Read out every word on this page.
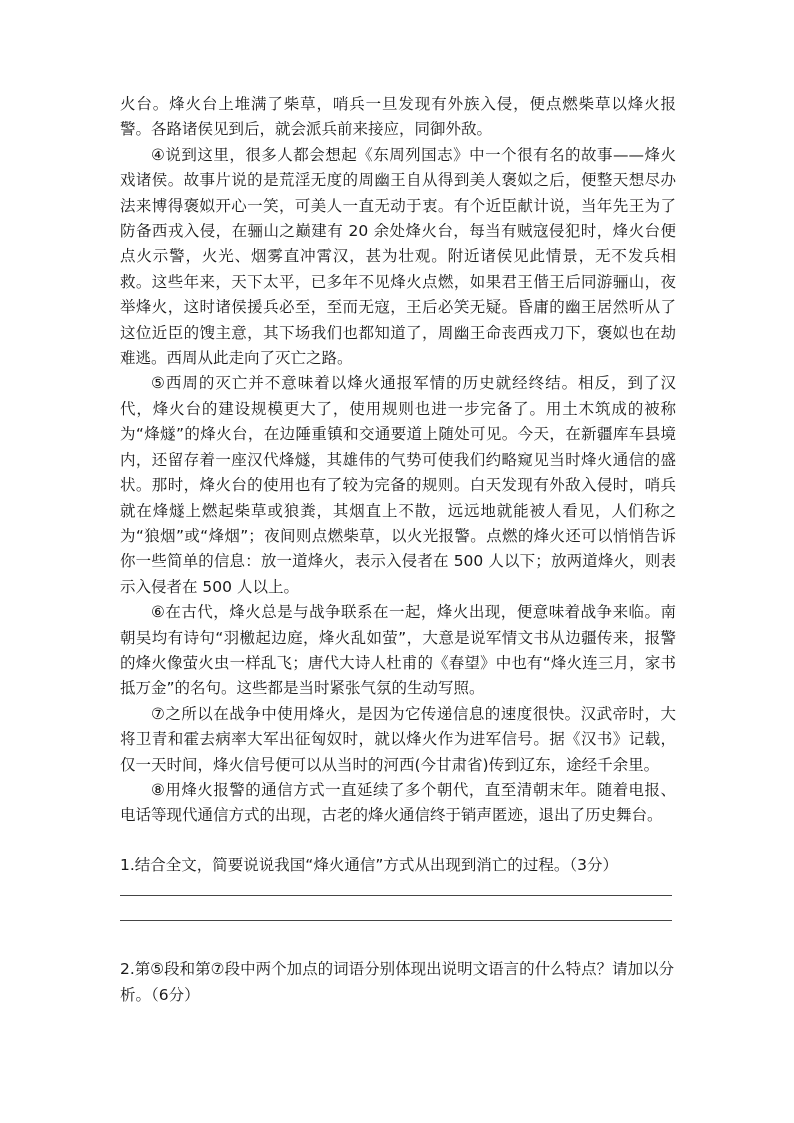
火台。烽火台上堆满了柴草，哨兵一旦发现有外族入侵，便点燃柴草以烽火报警。各路诸侯见到后，就会派兵前来接应，同御外敌。

④说到这里，很多人都会想起《东周列国志》中一个很有名的故事——烽火戏诸侯。故事片说的是荒淫无度的周幽王自从得到美人褒姒之后，便整天想尽办法来博得褒姒开心一笑，可美人一直无动于衷。有个近臣献计说，当年先王为了防备西戎入侵，在骊山之巅建有 20 余处烽火台，每当有贼寇侵犯时，烽火台便点火示警，火光、烟雾直冲霄汉，甚为壮观。附近诸侯见此情景，无不发兵相救。这些年来，天下太平，已多年不见烽火点燃，如果君王偕王后同游骊山，夜举烽火，这时诸侯援兵必至，至而无寇，王后必笑无疑。昏庸的幽王居然听从了这位近臣的馊主意，其下场我们也都知道了，周幽王命丧西戎刀下，褒姒也在劫难逃。西周从此走向了灭亡之路。

⑤西周的灭亡并不意味着以烽火通报军情的历史就经终结。相反，到了汉代，烽火台的建设规模更大了，使用规则也进一步完备了。用土木筑成的被称为“烽燧”的烽火台，在边陲重镇和交通要道上随处可见。今天，在新疆库车县境内，还留存着一座汉代烽燧，其雄伟的气势可使我们约略窥见当时烽火通信的盛状。那时，烽火台的使用也有了较为完备的规则。白天发现有外敌入侵时，哨兵就在烽燧上燃起柴草或狼粪，其烟直上不散，远远地就能被人看见，人们称之为“狼烟”或“烽烟”；夜间则点燃柴草，以火光报警。点燃的烽火还可以悄悄告诉你一些简单的信息：放一道烽火，表示入侵者在 500 人以下；放两道烽火，则表示入侵者在 500 人以上。

⑥在古代，烽火总是与战争联系在一起，烽火出现，便意味着战争来临。南朝吴均有诗句“羽檄起边庭，烽火乱如萤”，大意是说军情文书从边疆传来，报警的烽火像萤火虫一样乱飞；唐代大诗人杜甫的《春望》中也有“烽火连三月，家书抵万金”的名句。这些都是当时紧张气氛的生动写照。

⑦之所以在战争中使用烽火，是因为它传递信息的速度很快。汉武帝时，大将卫青和霍去病率大军出征匈奴时，就以烽火作为进军信号。据《汉书》记载，仅一天时间，烽火信号便可以从当时的河西(今甘肃省)传到辽东，途经千余里。

⑧用烽火报警的通信方式一直延续了多个朝代，直至清朝末年。随着电报、电话等现代通信方式的出现，古老的烽火通信终于销声匿迹，退出了历史舞台。

1.结合全文，简要说说我国“烽火通信”方式从出现到消亡的过程。（3分）

2.第⑤段和第⑦段中两个加点的词语分别体现出说明文语言的什么特点？请加以分析。（6分）
